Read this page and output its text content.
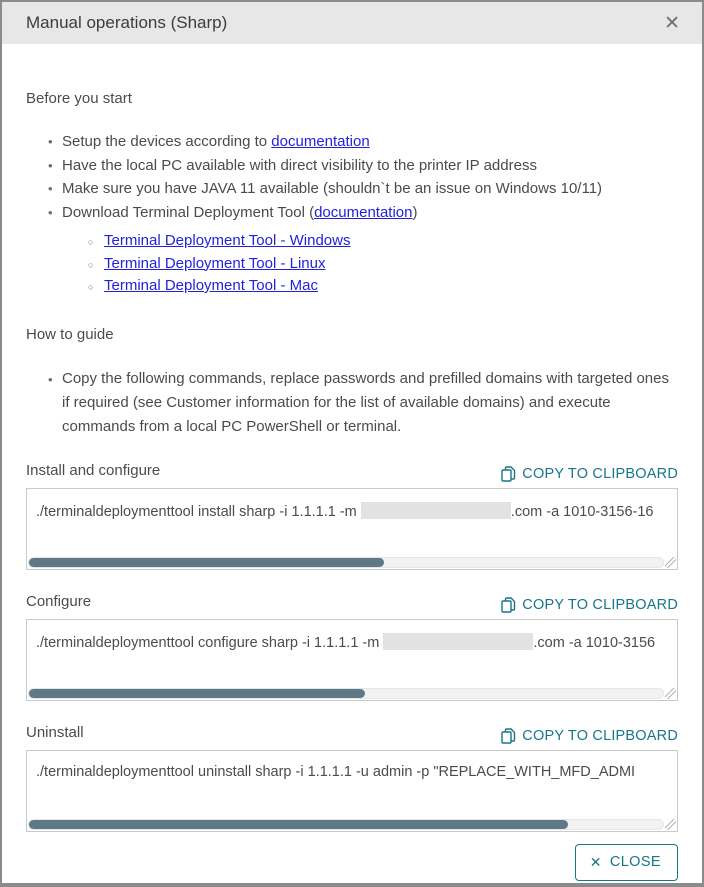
Manual operations (Sharp)	✕
Before you start
• Setup the devices according to documentation
• Have the local PC available with direct visibility to the printer IP address
• Make sure you have JAVA 11 available (shouldn`t be an issue on Windows 10/11)
• Download Terminal Deployment Tool (documentation)
○ Terminal Deployment Tool - Windows
○ Terminal Deployment Tool - Linux
○ Terminal Deployment Tool - Mac
How to guide
• Copy the following commands, replace passwords and prefilled domains with targeted ones if required (see Customer information for the list of available domains) and execute commands from a local PC PowerShell or terminal.
Install and configure	COPY TO CLIPBOARD
./terminaldeploymenttool install sharp -i 1.1.1.1 -m	.com -a 1010-3156-16
Configure	COPY TO CLIPBOARD
./terminaldeploymenttool configure sharp -i 1.1.1.1 -m	.com -a 1010-3156
Uninstall	COPY TO CLIPBOARD
./terminaldeploymenttool uninstall sharp -i 1.1.1.1 -u admin -p "REPLACE_WITH_MFD_ADMI
✕ CLOSE
